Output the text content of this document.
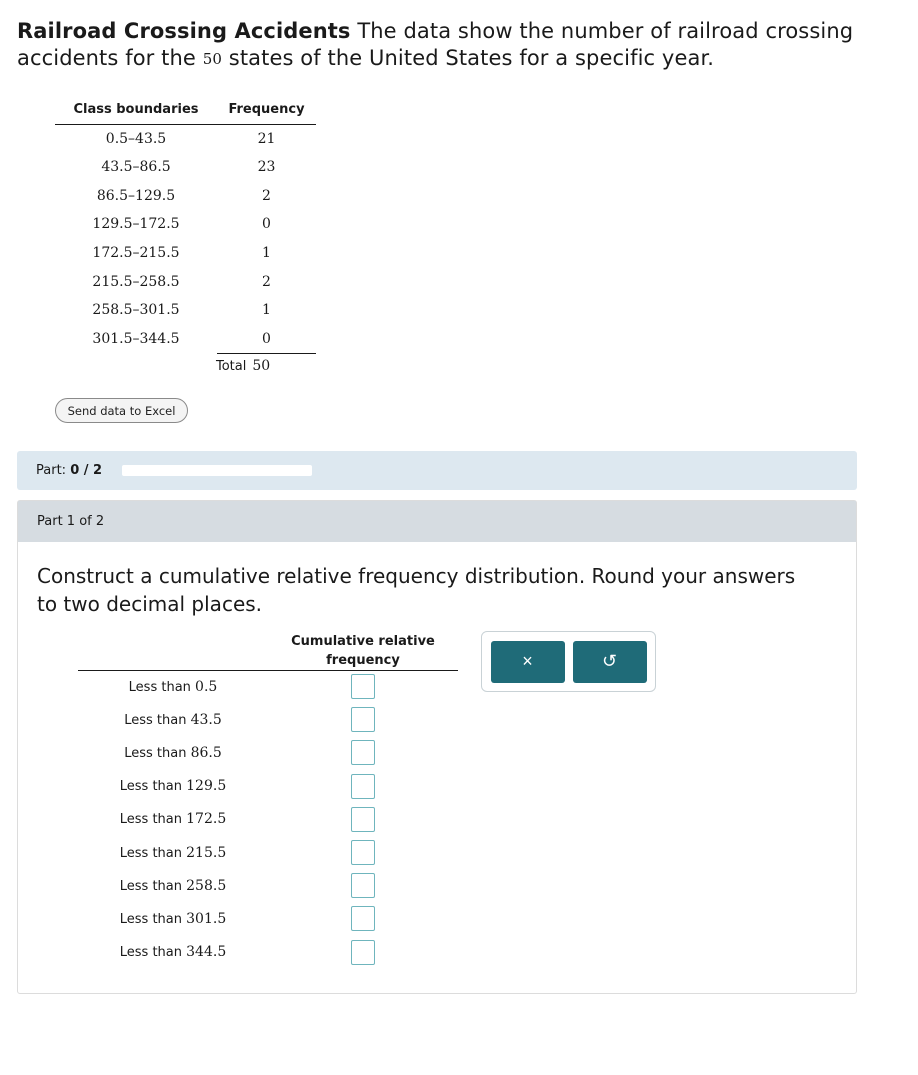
Railroad Crossing Accidents The data show the number of railroad crossing accidents for the 50 states of the United States for a specific year.
Class boundaries	Frequency
0.5–43.5	21
43.5–86.5	23
86.5–129.5	2
129.5–172.5	0
172.5–215.5	1
215.5–258.5	2
258.5–301.5	1
301.5–344.5	0
Total 50
Send data to Excel
Part: 0 / 2
Part 1 of 2
Construct a cumulative relative frequency distribution. Round your answers to two decimal places.
	Cumulative relative
frequency
Less than 0.5	
Less than 43.5	
Less than 86.5	
Less than 129.5	
Less than 172.5	
Less than 215.5	
Less than 258.5	
Less than 301.5	
Less than 344.5	
×	↺
